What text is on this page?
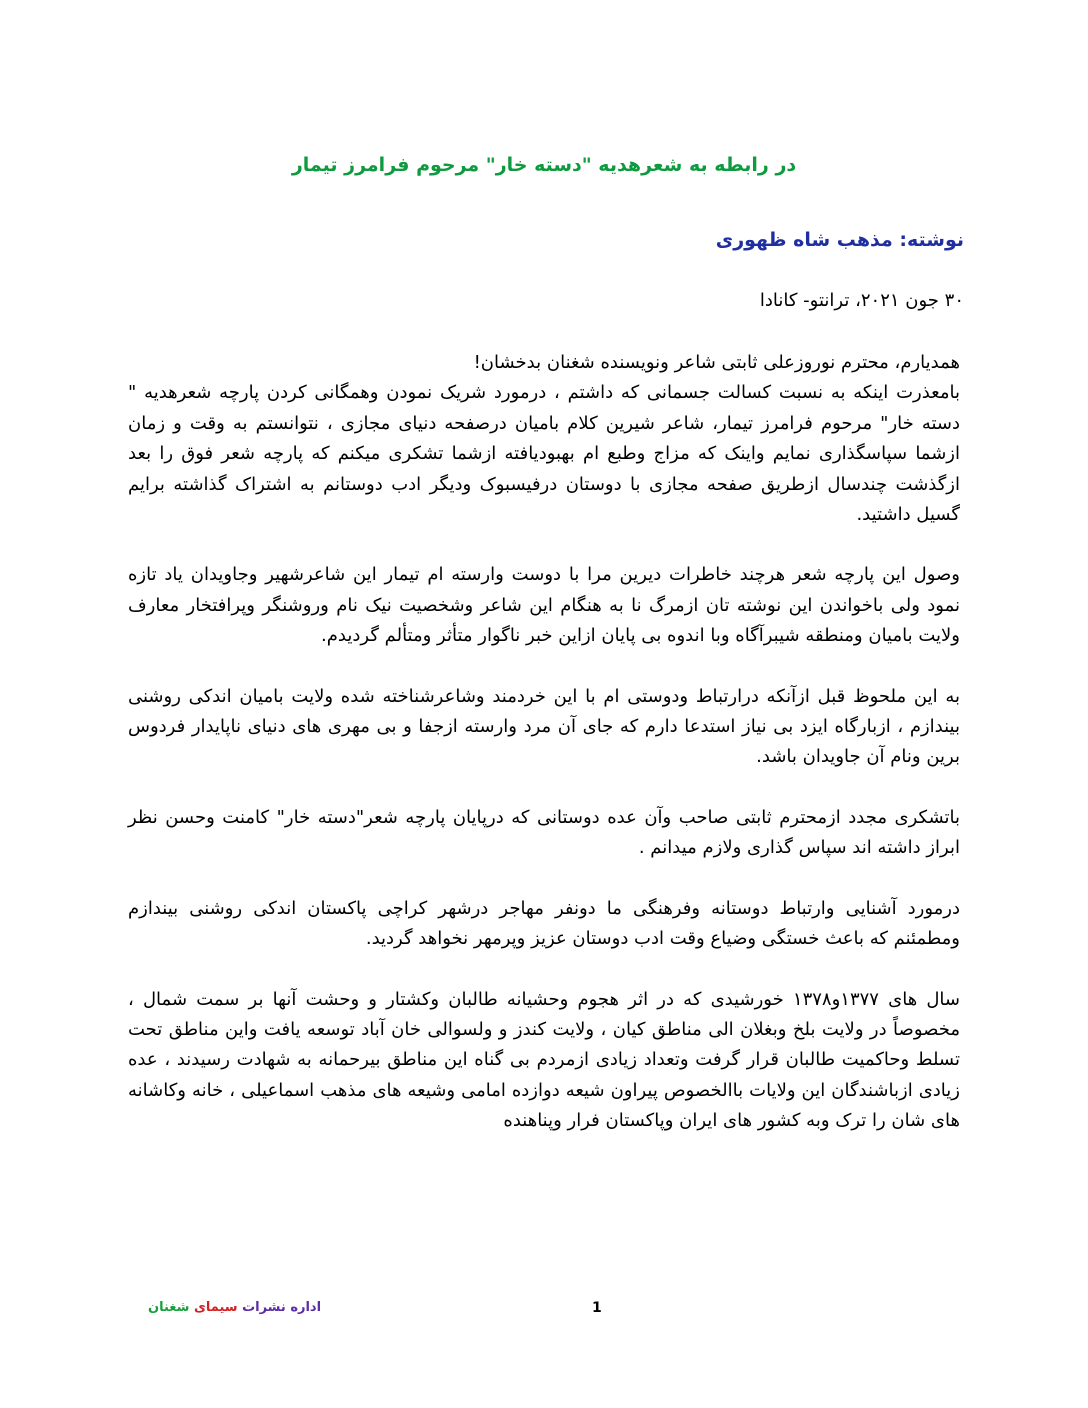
در رابطه به شعرهدیه "دسته خار" مرحوم فرامرز تیمار
نوشته: مذهب شاه ظهوری
۳۰ جون ۲۰۲۱، ترانتو- کانادا

همدیارم، محترم نوروزعلی ثابتی شاعر ونویسنده شغنان بدخشان!

بامعذرت اینکه به نسبت کسالت جسمانی که داشتم ، درمورد شریک نمودن وهمگانی کردن پارچه شعرهدیه " دسته خار" مرحوم فرامرز تیمار، شاعر شیرین کلام بامیان درصفحه دنیای مجازی ، نتوانستم به وقت و زمان ازشما سپاسگذاری نمایم واینک که مزاج وطبع ام بهبودیافته ازشما تشکری میکنم که پارچه شعر فوق را بعد ازگذشت چندسال ازطریق صفحه مجازی با دوستان درفیسبوک ودیگر ادب دوستانم به اشتراک گذاشته برایم گسیل داشتید.

وصول این پارچه شعر هرچند خاطرات دیرین مرا با دوست وارسته ام تیمار این شاعرشهیر وجاویدان یاد تازه نمود ولی باخواندن این نوشته تان ازمرگ نا به هنگام این شاعر وشخصیت نیک نام وروشنگر وپرافتخار معارف ولایت بامیان ومنطقه شیبرآگاه وبا اندوه بی پایان ازاین خبر ناگوار متأثر ومتألم گردیدم.

به این ملحوظ قبل ازآنکه درارتباط ودوستی ام با این خردمند وشاعرشناخته شده ولایت بامیان اندکی روشنی بیندازم ، ازبارگاه ایزد بی نیاز استدعا دارم که جای آن مرد وارسته ازجفا و بی مهری های دنیای ناپایدار فردوس برین ونام آن جاویدان باشد.

باتشکری مجدد ازمحترم ثابتی صاحب وآن عده دوستانی که درپایان پارچه شعر"دسته خار" کامنت وحسن نظر ابراز داشته اند سپاس گذاری ولازم میدانم .

درمورد آشنایی وارتباط دوستانه وفرهنگی ما دونفر مهاجر درشهر کراچی پاکستان اندکی روشنی بیندازم ومطمئنم که باعث خستگی وضیاع وقت ادب دوستان عزیز وپرمهر نخواهد گردید.

سال های ۱۳۷۷و۱۳۷۸ خورشیدی که در اثر هجوم وحشیانه طالبان وکشتار و وحشت آنها بر سمت شمال ، مخصوصاً در ولایت بلخ وبغلان الی مناطق کیان ، ولایت کندز و ولسوالی خان آباد توسعه یافت واین مناطق تحت تسلط وحاکمیت طالبان قرار گرفت وتعداد زیادی ازمردم بی گناه این مناطق بیرحمانه به شهادت رسیدند ، عده زیادی ازباشندگان این ولایات باالخصوص پیراون شیعه دوازده امامی وشیعه های مذهب اسماعیلی ، خانه وکاشانه های شان را ترک وبه کشور های ایران وپاکستان فرار وپناهنده

اداره نشرات سیمای شغنان	1
